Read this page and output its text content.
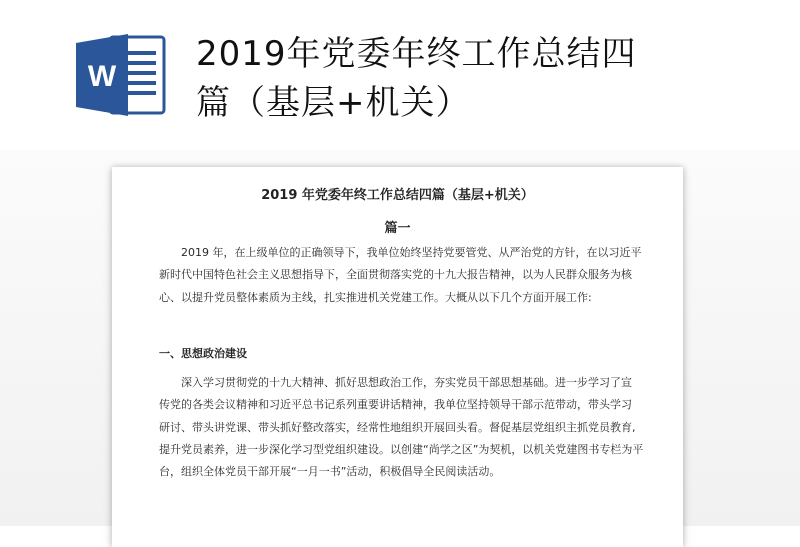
W
2019年党委年终工作总结四
篇（基层+机关）
2019 年党委年终工作总结四篇（基层+机关）
篇一

2019 年，在上级单位的正确领导下，我单位始终坚持党要管党、从严治党的方针，在以习近平
新时代中国特色社会主义思想指导下，全面贯彻落实党的十九大报告精神，以为人民群众服务为核
心、以提升党员整体素质为主线，扎实推进机关党建工作。大概从以下几个方面开展工作:

一、思想政治建设

深入学习贯彻党的十九大精神、抓好思想政治工作，夯实党员干部思想基础。进一步学习了宣
传党的各类会议精神和习近平总书记系列重要讲话精神，我单位坚持领导干部示范带动，带头学习
研讨、带头讲党课、带头抓好整改落实，经常性地组织开展回头看。督促基层党组织主抓党员教育,
提升党员素养，进一步深化学习型党组织建设。以创建“尚学之区”为契机，以机关党建图书专栏为平
台，组织全体党员干部开展“一月一书”活动，积极倡导全民阅读活动。
